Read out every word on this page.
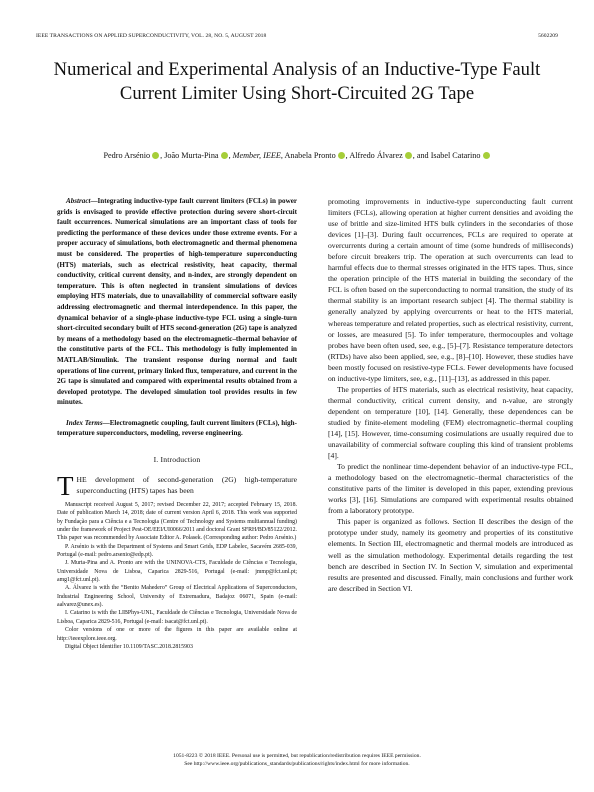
IEEE TRANSACTIONS ON APPLIED SUPERCONDUCTIVITY, VOL. 28, NO. 5, AUGUST 2018	5602209
Numerical and Experimental Analysis of an Inductive-Type Fault Current Limiter Using Short-Circuited 2G Tape
Pedro Arsénio , João Murta-Pina , Member, IEEE, Anabela Pronto , Alfredo Álvarez , and Isabel Catarino

Abstract—Integrating inductive-type fault current limiters (FCLs) in power grids is envisaged to provide effective protection during severe short-circuit fault occurrences. Numerical simulations are an important class of tools for predicting the performance of these devices under those extreme events. For a proper accuracy of simulations, both electromagnetic and thermal phenomena must be considered. The properties of high-temperature superconducting (HTS) materials, such as electrical resistivity, heat capacity, thermal conductivity, critical current density, and n-index, are strongly dependent on temperature. This is often neglected in transient simulations of devices employing HTS materials, due to unavailability of commercial software easily addressing electromagnetic and thermal interdependence. In this paper, the dynamical behavior of a single-phase inductive-type FCL using a single-turn short-circuited secondary built of HTS second-generation (2G) tape is analyzed by means of a methodology based on the electromagnetic–thermal behavior of the constitutive parts of the FCL. This methodology is fully implemented in MATLAB/Simulink. The transient response during normal and fault operations of line current, primary linked flux, temperature, and current in the 2G tape is simulated and compared with experimental results obtained from a developed prototype. The developed simulation tool provides results in few minutes.

Index Terms—Electromagnetic coupling, fault current limiters (FCLs), high-temperature superconductors, modeling, reverse engineering.

I. Introduction

THE development of second-generation (2G) high-temperature superconducting (HTS) tapes has been

Manuscript received August 5, 2017; revised December 22, 2017; accepted February 15, 2018. Date of publication March 14, 2018; date of current version April 6, 2018. This work was supported by Fundação para a Ciência e a Tecnologia (Centre of Technology and Systems multiannual funding) under the framework of Project Pest-OE/EEI/UI0066/2011 and doctoral Grant SFRH/BD/85122/2012. This paper was recommended by Associate Editor A. Polasek. (Corresponding author: Pedro Arsénio.)

P. Arsénio is with the Department of Systems and Smart Grids, EDP Labelec, Sacavém 2685-039, Portugal (e-mail: pedro.arsenio@edp.pt).

J. Murta-Pina and A. Pronto are with the UNINOVA-CTS, Faculdade de Ciências e Tecnologia, Universidade Nova de Lisboa, Caparica 2829-516, Portugal (e-mail: jmmp@fct.unl.pt; amg1@fct.unl.pt).

A. Álvarez is with the “Benito Mahedero” Group of Electrical Applications of Superconductors, Industrial Engineering School, University of Extremadura, Badajoz 06071, Spain (e-mail: aalvarez@unex.es).

I. Catarino is with the LIBPhys-UNL, Faculdade de Ciências e Tecnologia, Universidade Nova de Lisboa, Caparica 2829-516, Portugal (e-mail: isacat@fct.unl.pt).

Color versions of one or more of the figures in this paper are available online at http://ieeexplore.ieee.org.

Digital Object Identifier 10.1109/TASC.2018.2815903

promoting improvements in inductive-type superconducting fault current limiters (FCLs), allowing operation at higher current densities and avoiding the use of brittle and size-limited HTS bulk cylinders in the secondaries of those devices [1]–[3]. During fault occurrences, FCLs are required to operate at overcurrents during a certain amount of time (some hundreds of milliseconds) before circuit breakers trip. The operation at such overcurrents can lead to harmful effects due to thermal stresses originated in the HTS tapes. Thus, since the operation principle of the HTS material in building the secondary of the FCL is often based on the superconducting to normal transition, the study of its thermal stability is an important research subject [4]. The thermal stability is generally analyzed by applying overcurrents or heat to the HTS material, whereas temperature and related properties, such as electrical resistivity, current, or losses, are measured [5]. To infer temperature, thermocouples and voltage probes have been often used, see, e.g., [5]–[7]. Resistance temperature detectors (RTDs) have also been applied, see, e.g., [8]–[10]. However, these studies have been mostly focused on resistive-type FCLs. Fewer developments have focused on inductive-type limiters, see, e.g., [11]–[13], as addressed in this paper.

The properties of HTS materials, such as electrical resistivity, heat capacity, thermal conductivity, critical current density, and n-value, are strongly dependent on temperature [10], [14]. Generally, these dependences can be studied by finite-element modeling (FEM) electromagnetic–thermal coupling [14], [15]. However, time-consuming cosimulations are usually required due to unavailability of commercial software coupling this kind of transient problems [4].

To predict the nonlinear time-dependent behavior of an inductive-type FCL, a methodology based on the electromagnetic–thermal characteristics of the constitutive parts of the limiter is developed in this paper, extending previous works [3], [16]. Simulations are compared with experimental results obtained from a laboratory prototype.

This paper is organized as follows. Section II describes the design of the prototype under study, namely its geometry and properties of its constitutive elements. In Section III, electromagnetic and thermal models are introduced as well as the simulation methodology. Experimental details regarding the test bench are described in Section IV. In Section V, simulation and experimental results are presented and discussed. Finally, main conclusions and further work are described in Section VI.

1051-8223 © 2018 IEEE. Personal use is permitted, but republication/redistribution requires IEEE permission.
See http://www.ieee.org/publications_standards/publications/rights/index.html for more information.
